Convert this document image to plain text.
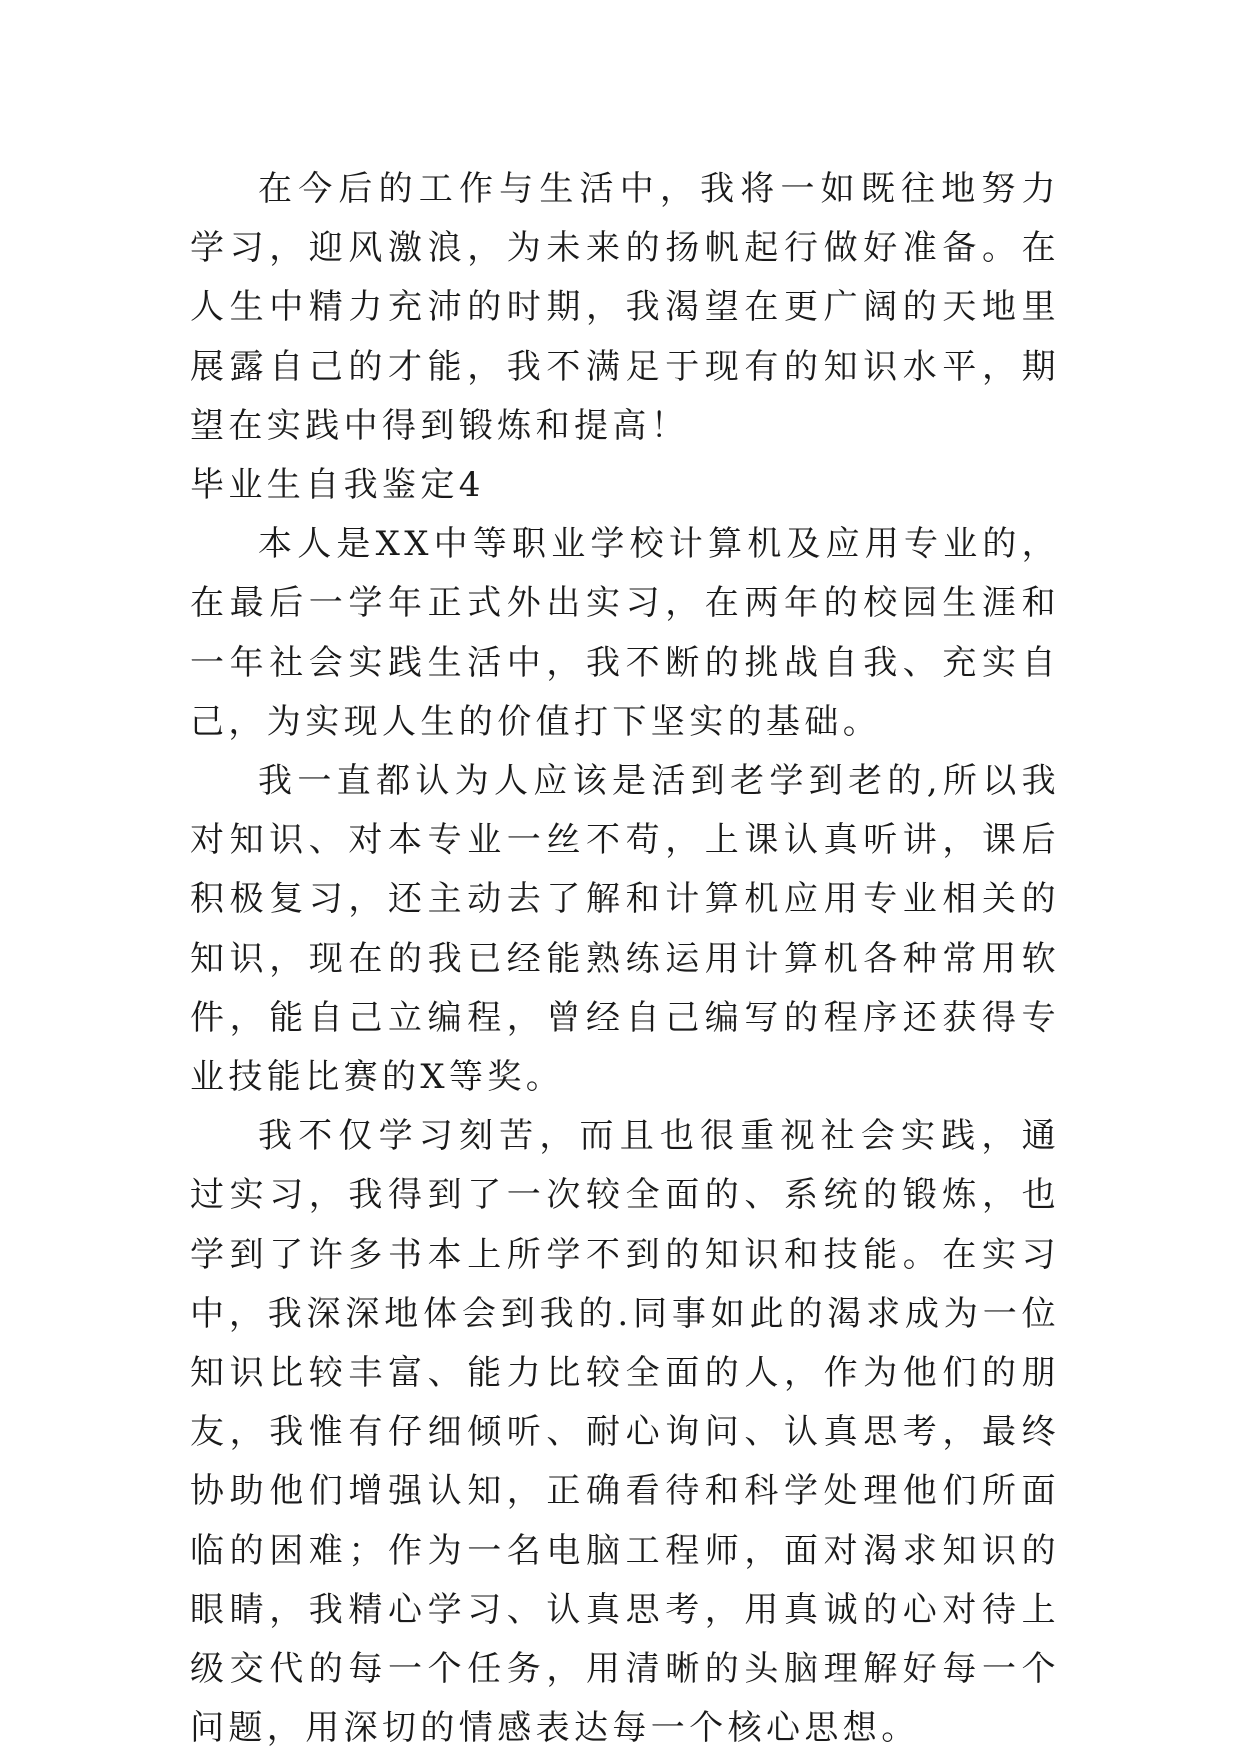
在今后的工作与生活中，我将一如既往地努力学习，迎风激浪，为未来的扬帆起行做好准备。在人生中精力充沛的时期，我渴望在更广阔的天地里展露自己的才能，我不满足于现有的知识水平，期望在实践中得到锻炼和提高！

毕业生自我鉴定4

本人是XX中等职业学校计算机及应用专业的，在最后一学年正式外出实习，在两年的校园生涯和一年社会实践生活中，我不断的挑战自我、充实自己，为实现人生的价值打下坚实的基础。

我一直都认为人应该是活到老学到老的,所以我对知识、对本专业一丝不苟，上课认真听讲，课后积极复习，还主动去了解和计算机应用专业相关的知识，现在的我已经能熟练运用计算机各种常用软件，能自己立编程，曾经自己编写的程序还获得专业技能比赛的X等奖。

我不仅学习刻苦，而且也很重视社会实践，通过实习，我得到了一次较全面的、系统的锻炼，也学到了许多书本上所学不到的知识和技能。在实习中，我深深地体会到我的.同事如此的渴求成为一位知识比较丰富、能力比较全面的人，作为他们的朋友，我惟有仔细倾听、耐心询问、认真思考，最终协助他们增强认知，正确看待和科学处理他们所面临的困难；作为一名电脑工程师，面对渴求知识的眼睛，我精心学习、认真思考，用真诚的心对待上级交代的每一个任务，用清晰的头脑理解好每一个问题，用深切的情感表达每一个核心思想。
